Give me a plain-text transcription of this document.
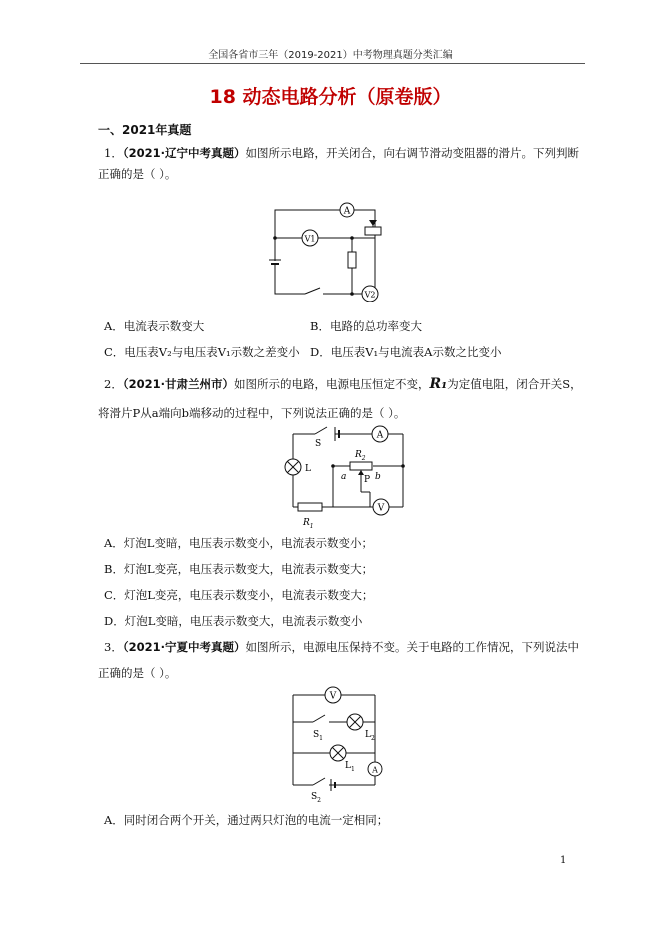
全国各省市三年（2019-2021）中考物理真题分类汇编
18 动态电路分析（原卷版）
一、2021年真题
1．（2021·辽宁中考真题）如图所示电路，开关闭合，向右调节滑动变阻器的滑片。下列判断
正确的是（ ）。
A
V1
V2
A．电流表示数变大	B．电路的总功率变大
C．电压表V₂与电压表V₁示数之差变小 D．电压表V₁与电流表A示数之比变小
2．（2021·甘肃兰州市）如图所示的电路，电源电压恒定不变，R₁为定值电阻，闭合开关S，
将滑片P从a端向b端移动的过程中，下列说法正确的是（ ）。
S
A
L
$R_2$
a	b
P
$R_1$
V
A．灯泡L变暗，电压表示数变小，电流表示数变小；
B．灯泡L变亮，电压表示数变大，电流表示数变大；
C．灯泡L变亮，电压表示数变小，电流表示数变大；
D．灯泡L变暗，电压表示数变大，电流表示数变小
3．（2021·宁夏中考真题）如图所示，电源电压保持不变。关于电路的工作情况，下列说法中
正确的是（ ）。
V
$S_1$	$L_2$
$L_1$ A
$S_2$
A．同时闭合两个开关，通过两只灯泡的电流一定相同；
1
